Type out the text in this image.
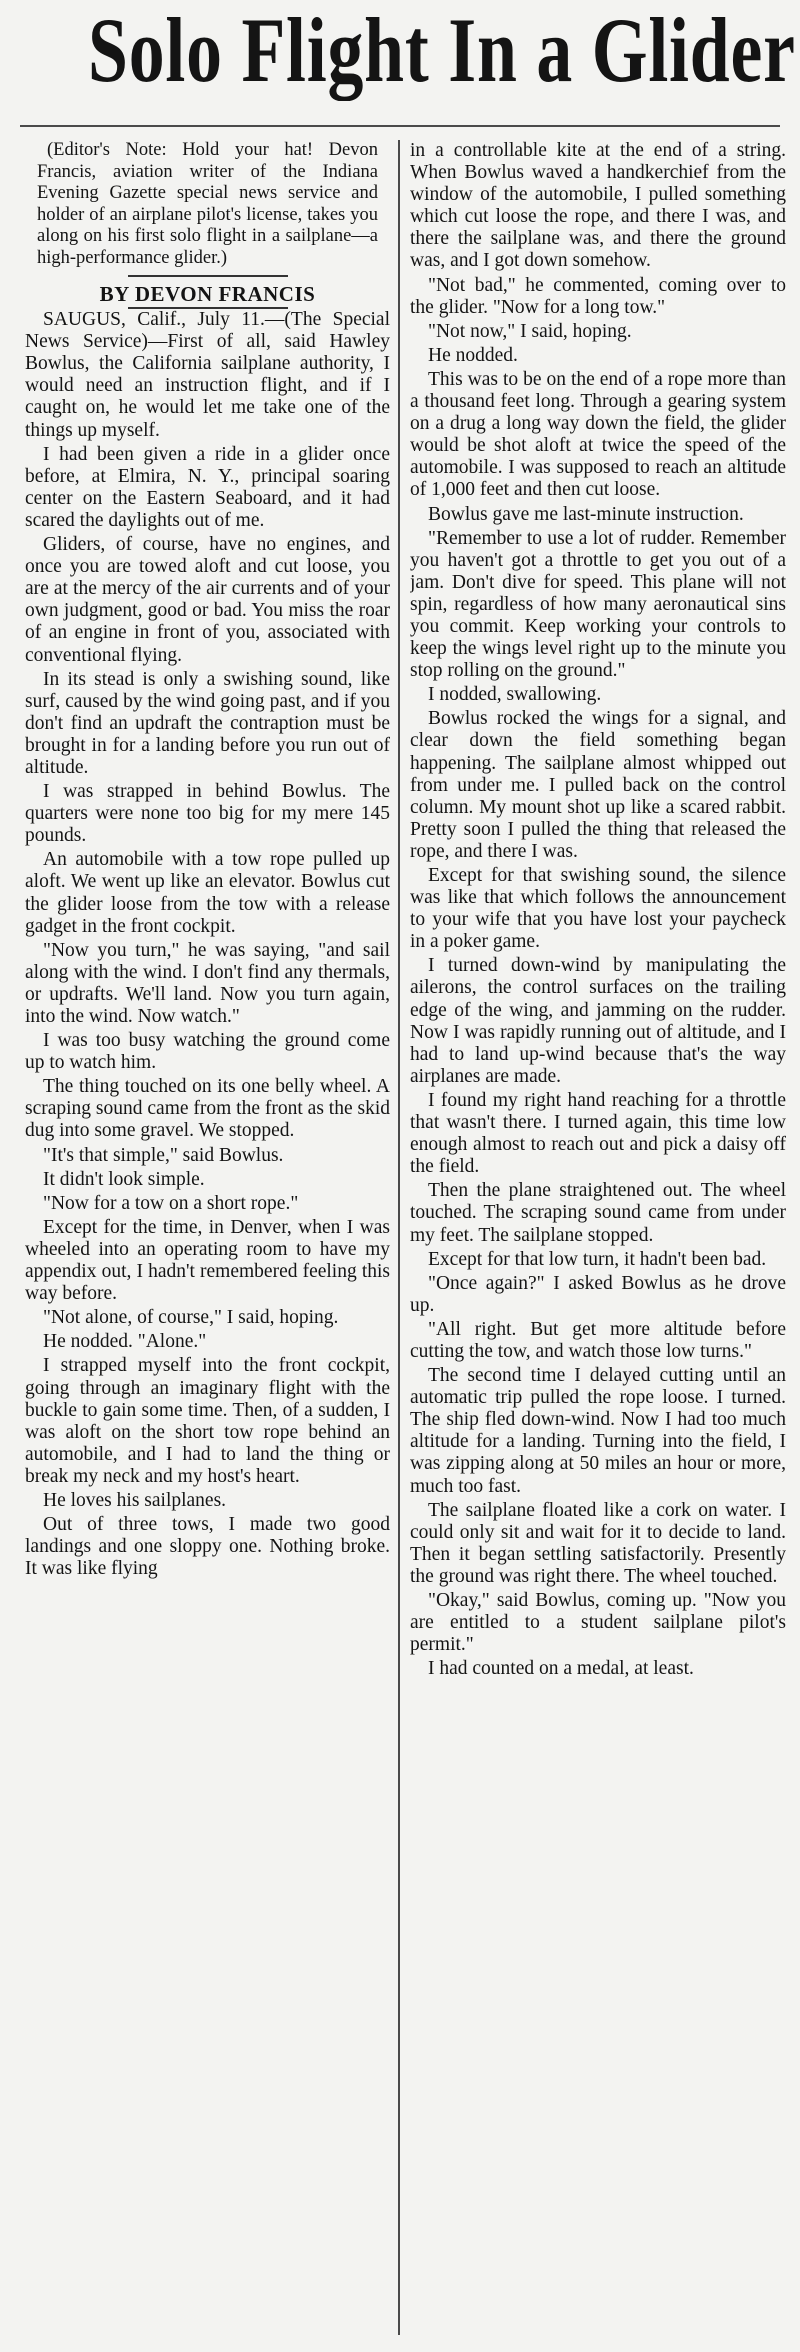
Solo Flight In a Glider

(Editor's Note: Hold your hat! Devon Francis, aviation writer of the Indiana Evening Gazette special news service and holder of an airplane pilot's license, takes you along on his first solo flight in a sailplane—a high-performance glider.)

BY DEVON FRANCIS

SAUGUS, Calif., July 11.—(The Special News Service)—First of all, said Hawley Bowlus, the California sailplane authority, I would need an instruction flight, and if I caught on, he would let me take one of the things up myself.

I had been given a ride in a glider once before, at Elmira, N. Y., principal soaring center on the Eastern Seaboard, and it had scared the daylights out of me.

Gliders, of course, have no engines, and once you are towed aloft and cut loose, you are at the mercy of the air currents and of your own judgment, good or bad. You miss the roar of an engine in front of you, associated with conventional flying.

In its stead is only a swishing sound, like surf, caused by the wind going past, and if you don't find an updraft the contraption must be brought in for a landing before you run out of altitude.

I was strapped in behind Bowlus. The quarters were none too big for my mere 145 pounds.

An automobile with a tow rope pulled up aloft. We went up like an elevator. Bowlus cut the glider loose from the tow with a release gadget in the front cockpit.

"Now you turn," he was saying, "and sail along with the wind. I don't find any thermals, or updrafts. We'll land. Now you turn again, into the wind. Now watch."

I was too busy watching the ground come up to watch him.

The thing touched on its one belly wheel. A scraping sound came from the front as the skid dug into some gravel. We stopped.

"It's that simple," said Bowlus.

It didn't look simple.

"Now for a tow on a short rope."

Except for the time, in Denver, when I was wheeled into an operating room to have my appendix out, I hadn't remembered feeling this way before.

"Not alone, of course," I said, hoping.

He nodded. "Alone."

I strapped myself into the front cockpit, going through an imaginary flight with the buckle to gain some time. Then, of a sudden, I was aloft on the short tow rope behind an automobile, and I had to land the thing or break my neck and my host's heart.

He loves his sailplanes.

Out of three tows, I made two good landings and one sloppy one. Nothing broke. It was like flying

in a controllable kite at the end of a string. When Bowlus waved a handkerchief from the window of the automobile, I pulled something which cut loose the rope, and there I was, and there the sailplane was, and there the ground was, and I got down somehow.

"Not bad," he commented, coming over to the glider. "Now for a long tow."

"Not now," I said, hoping.

He nodded.

This was to be on the end of a rope more than a thousand feet long. Through a gearing system on a drug a long way down the field, the glider would be shot aloft at twice the speed of the automobile. I was supposed to reach an altitude of 1,000 feet and then cut loose.

Bowlus gave me last-minute instruction.

"Remember to use a lot of rudder. Remember you haven't got a throttle to get you out of a jam. Don't dive for speed. This plane will not spin, regardless of how many aeronautical sins you commit. Keep working your controls to keep the wings level right up to the minute you stop rolling on the ground."

I nodded, swallowing.

Bowlus rocked the wings for a signal, and clear down the field something began happening. The sailplane almost whipped out from under me. I pulled back on the control column. My mount shot up like a scared rabbit. Pretty soon I pulled the thing that released the rope, and there I was.

Except for that swishing sound, the silence was like that which follows the announcement to your wife that you have lost your paycheck in a poker game.

I turned down-wind by manipulating the ailerons, the control surfaces on the trailing edge of the wing, and jamming on the rudder. Now I was rapidly running out of altitude, and I had to land up-wind because that's the way airplanes are made.

I found my right hand reaching for a throttle that wasn't there. I turned again, this time low enough almost to reach out and pick a daisy off the field.

Then the plane straightened out. The wheel touched. The scraping sound came from under my feet. The sailplane stopped.

Except for that low turn, it hadn't been bad.

"Once again?" I asked Bowlus as he drove up.

"All right. But get more altitude before cutting the tow, and watch those low turns."

The second time I delayed cutting until an automatic trip pulled the rope loose. I turned. The ship fled down-wind. Now I had too much altitude for a landing. Turning into the field, I was zipping along at 50 miles an hour or more, much too fast.

The sailplane floated like a cork on water. I could only sit and wait for it to decide to land. Then it began settling satisfactorily. Presently the ground was right there. The wheel touched.

"Okay," said Bowlus, coming up. "Now you are entitled to a student sailplane pilot's permit."

I had counted on a medal, at least.
